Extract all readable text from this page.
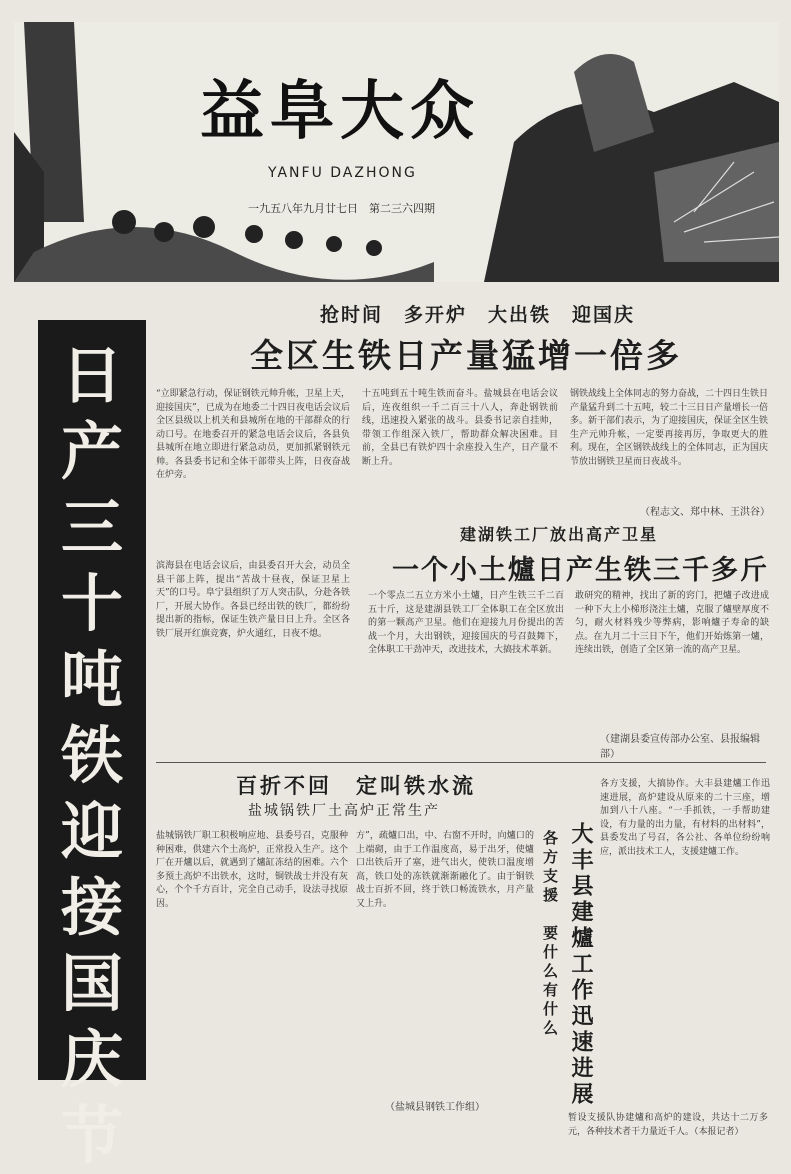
益阜大众
YANFU DAZHONG
一九五八年九月廿七日　第二三六四期
日产三十吨铁迎接国庆节
抢时间　多开炉　大出铁　迎国庆
全区生铁日产量猛增一倍多
“立即紧急行动，保证钢铁元帅升帐，卫星上天，迎接国庆”，已成为在地委二十四日夜电话会议后全区县级以上机关和县城所在地的干部群众的行动口号。在地委召开的紧急电话会议后，各县负县城所在地立即进行紧急动员，更加抓紧钢铁元帅。各县委书记和全体干部带头上阵，日夜奋战在炉旁。
滨海县在电话会议后，由县委召开大会，动员全县干部上阵，提出“苦战十昼夜，保证卫星上天”的口号。阜宁县组织了万人突击队，分赴各铁厂，开展大协作。各县已经出铁的铁厂，都纷纷提出新的指标，保证生铁产量日日上升。全区各铁厂展开红旗竞赛，炉火通红，日夜不熄。
十五吨到五十吨生铁而奋斗。盐城县在电话会议后，连夜组织一千二百三十八人，奔赴钢铁前线，迅速投入紧张的战斗。县委书记亲自挂帅，带领工作组深入铁厂，帮助群众解决困难。目前，全县已有铁炉四十余座投入生产，日产量不断上升。
钢铁战线上全体同志的努力奋战，二十四日生铁日产量猛升到二十五吨，较二十三日日产量增长一倍多。新干部们表示，为了迎接国庆，保证全区生铁生产元帅升帐，一定要再接再厉，争取更大的胜利。现在，全区钢铁战线上的全体同志，正为国庆节放出钢铁卫星而日夜战斗。
（程志文、郑中林、王洪谷）
建湖铁工厂放出高产卫星
一个小土爐日产生铁三千多斤
一个零点二五立方米小土爐，日产生铁三千二百五十斤，这是建湖县铁工厂全体职工在全区放出的第一颗高产卫星。他们在迎接九月份提出的苦战一个月，大出钢铁，迎接国庆的号召鼓舞下，全体职工干劲冲天，改进技术，大搞技术革新。
敢研究的精神，找出了新的窍门，把爐子改进成一种下大上小梯形浇注土爐，克服了爐壁厚度不匀，耐火材料残少等弊病，影响爐子寿命的缺点。在九月二十三日下午，他们开始炼第一爐，连续出铁，创造了全区第一流的高产卫星。
（建湖县委宣传部办公室、县报编辑部）
百折不回　定叫铁水流
盐城锅铁厂土高炉正常生产
盐城锅铁厂职工积极响应地、县委号召，克服种种困难，供建六个土高炉，正常投入生产。这个厂在开爐以后，就遇到了爐缸冻结的困难。六个多预土高炉不出铁水，这时，铜铁战士并没有灰心，个个千方百计，完全自己动手，设法寻找原因。
方”，疏爐口出，中、右窗不开时，向爐口的上端砌，由于工作温度高，易于出牙，使爐口出铁后开了塞，进气出火，使铁口温度增高，铁口处的冻铁就渐渐融化了。由于铜铁战士百折不回，终于铁口畅流铁水，月产量又上升。
（盐城县钢铁工作组）
各方支援　要什么有什么 大丰县建爐工作迅速进展
各方支援，大搞协作。大丰县建爐工作迅速进展，高炉建设从原来的二十三座，增加到八十八座。“一手抓铁，一手帮助建设，有力量的出力量，有材料的出材料”，县委发出了号召，各公社、各单位纷纷响应，派出技术工人，支援建爐工作。
暂设支援队协建爐和高炉的建设，共达十二万多元，各种技术者干力量近千人。（本报记者）
